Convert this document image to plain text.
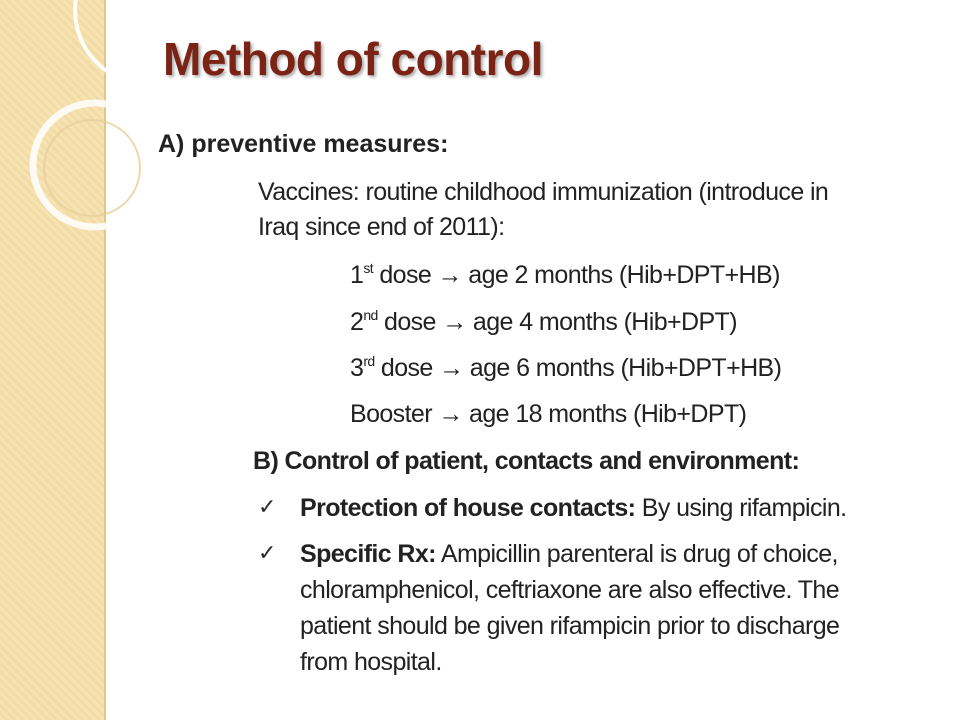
Method of control
A) preventive measures:
Vaccines: routine childhood immunization (introduce in
Iraq since end of 2011):
1st dose → age 2 months (Hib+DPT+HB)
2nd dose → age 4 months (Hib+DPT)
3rd dose → age 6 months (Hib+DPT+HB)
Booster → age 18 months (Hib+DPT)
B) Control of patient, contacts and environment:
✓ Protection of house contacts: By using rifampicin.
✓ Specific Rx: Ampicillin parenteral is drug of choice,
chloramphenicol, ceftriaxone are also effective. The
patient should be given rifampicin prior to discharge
from hospital.
